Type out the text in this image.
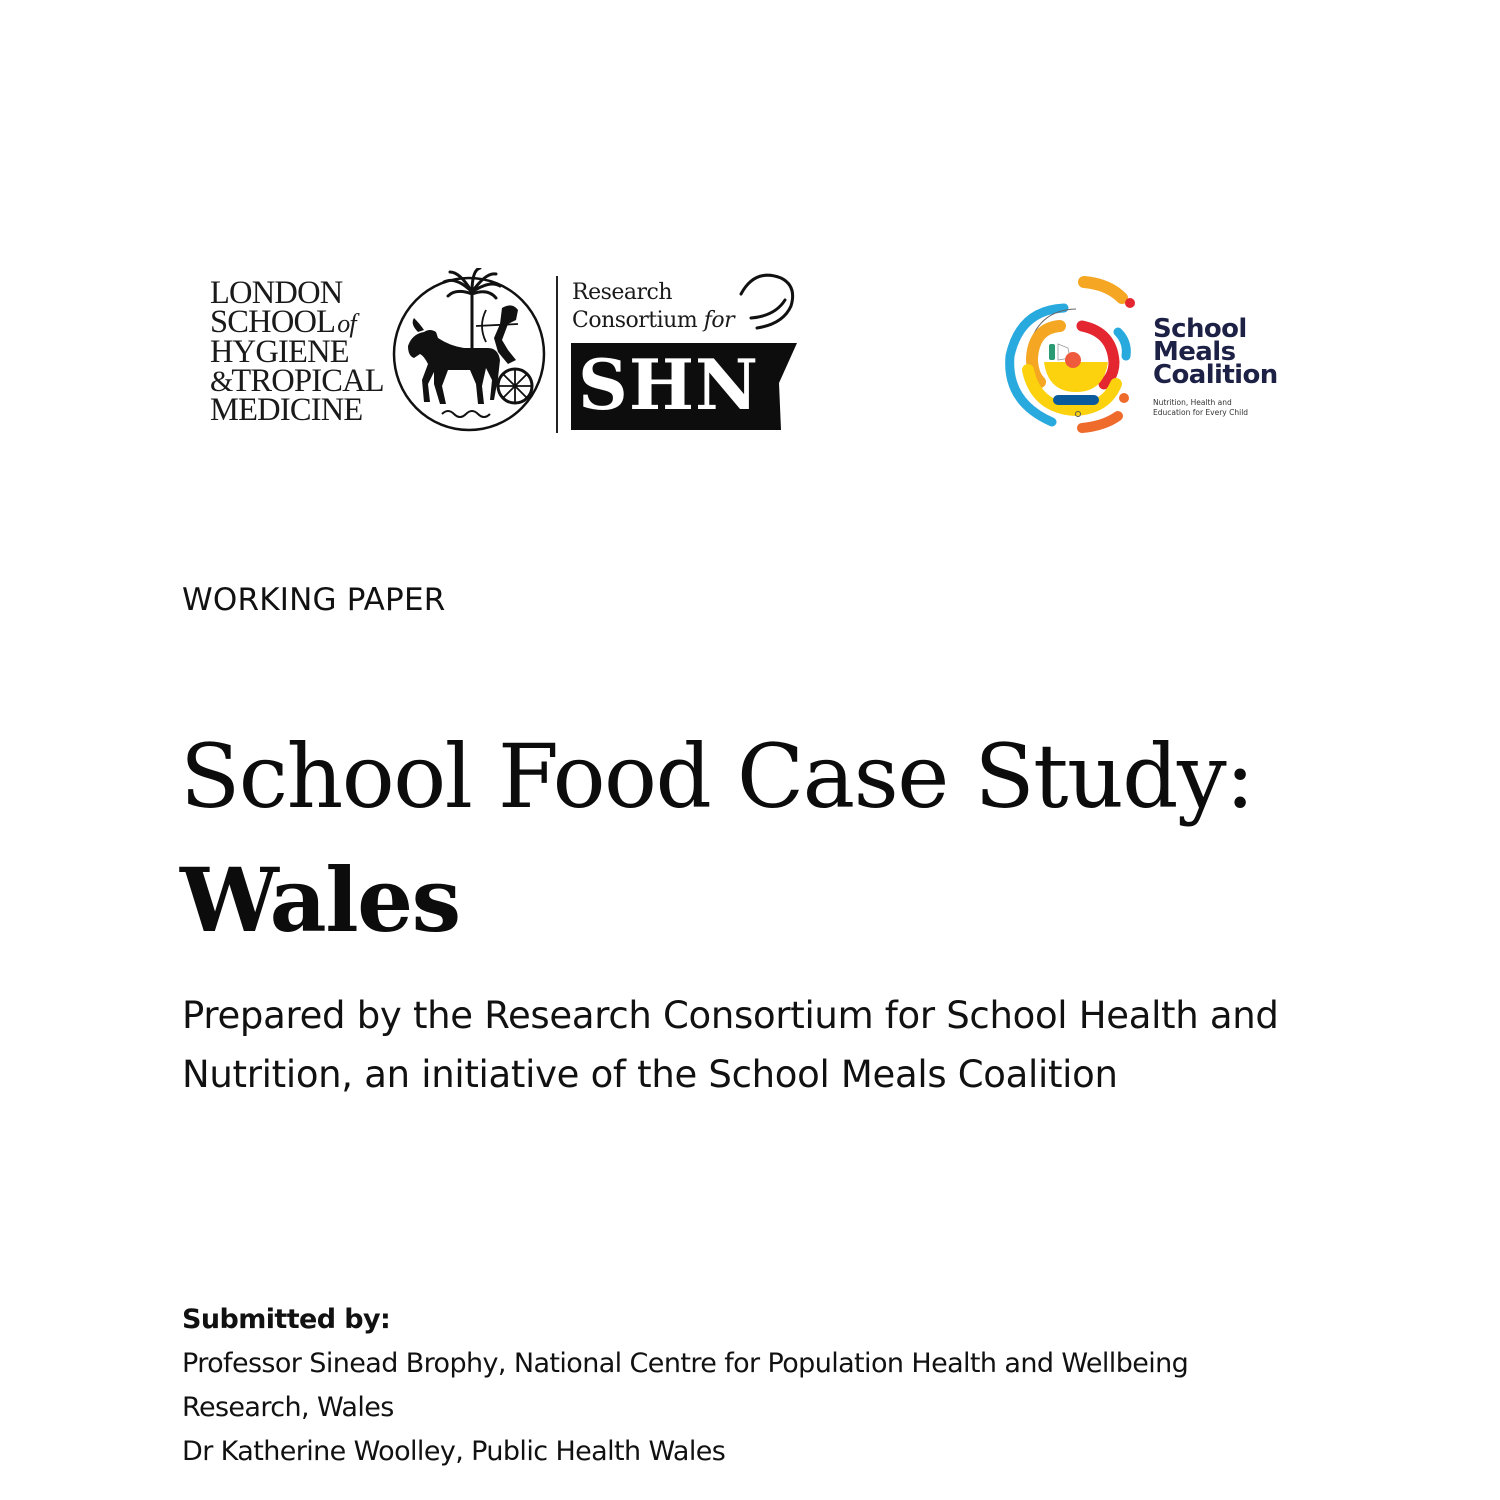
LONDON
SCHOOLof
HYGIENE
&TROPICAL
MEDICINE
Research
Consortium for
SHN
School
Meals
Coalition
Nutrition, Health and
Education for Every Child
WORKING PAPER
School Food Case Study:
Wales
Prepared by the Research Consortium for School Health and Nutrition, an initiative of the School Meals Coalition
Submitted by:
Professor Sinead Brophy, National Centre for Population Health and Wellbeing
Research, Wales
Dr Katherine Woolley, Public Health Wales
